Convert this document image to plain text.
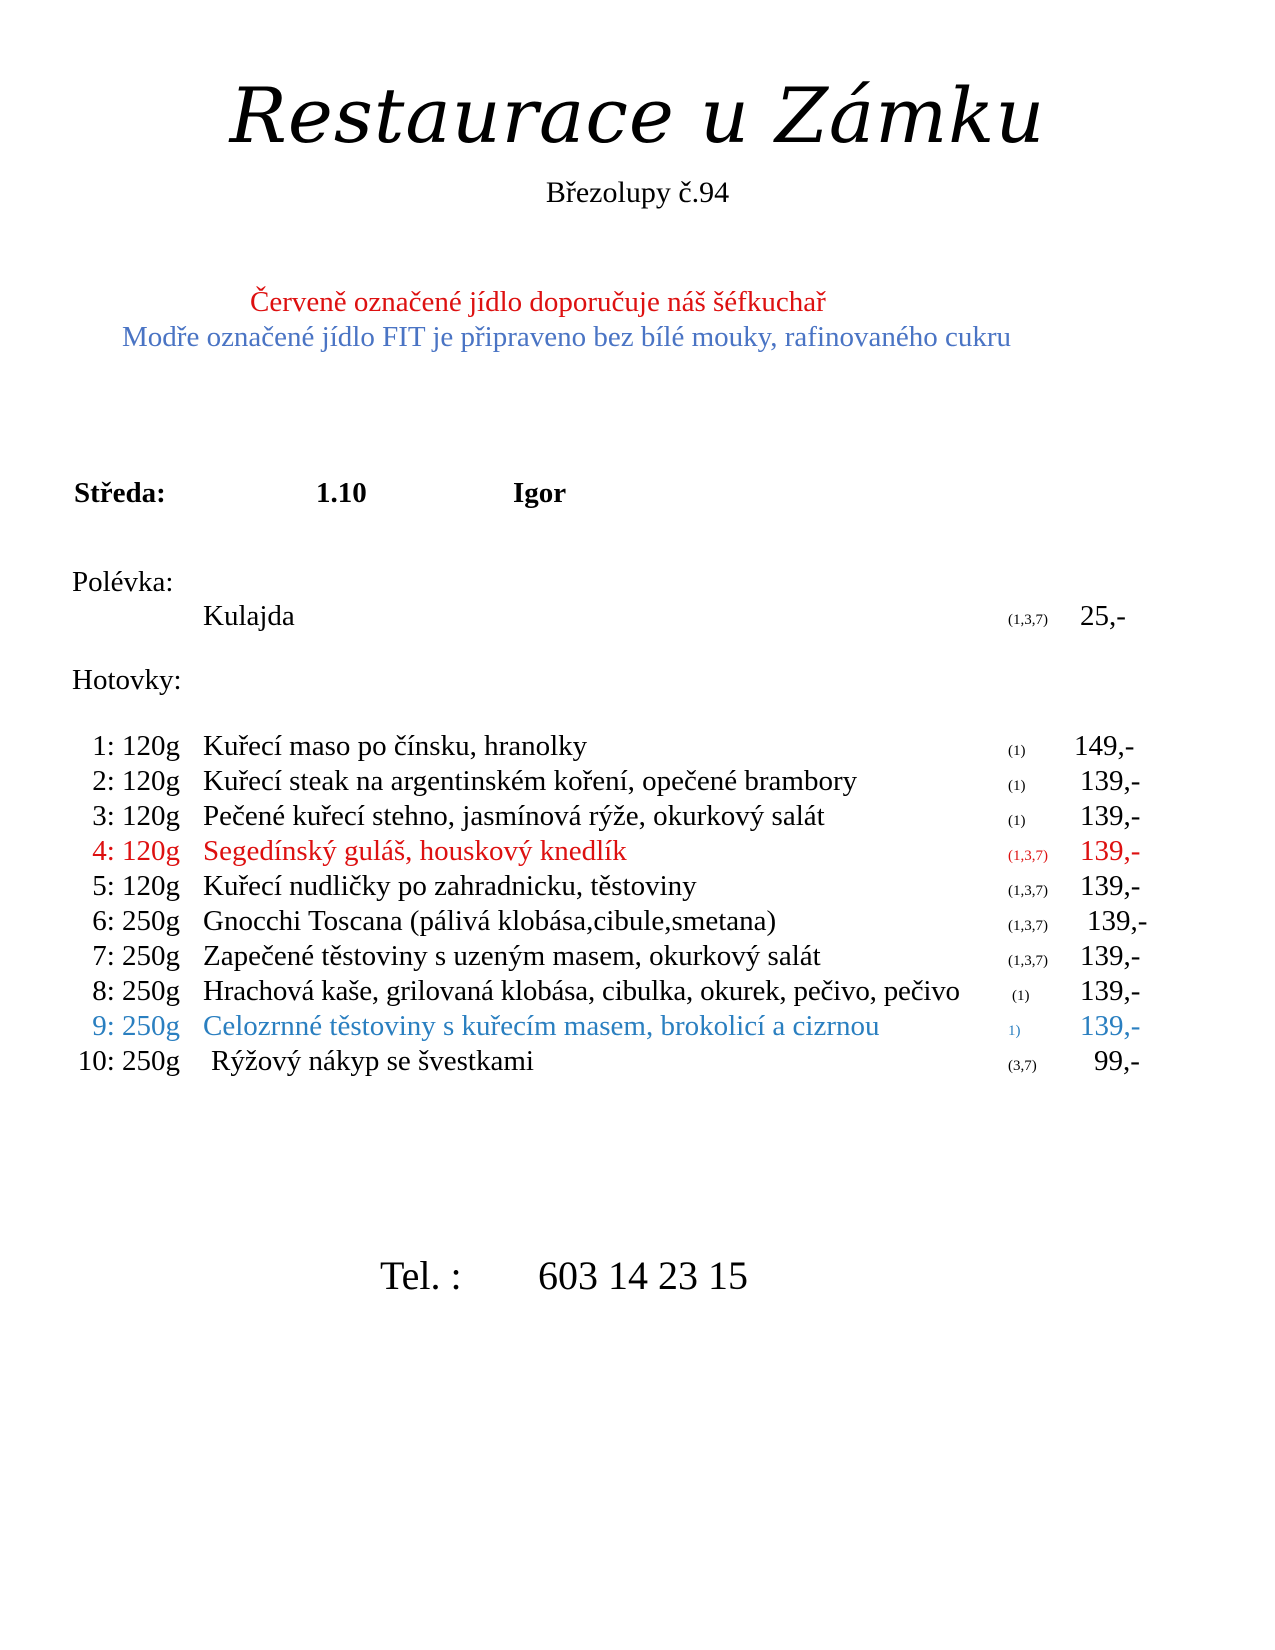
Restaurace u Zámku
Březolupy č.94
Červeně označené jídlo doporučuje náš šéfkuchař
Modře označené jídlo FIT je připraveno bez bílé mouky, rafinovaného cukru
Středa:	1.10	Igor
Polévka:
Kulajda	(1,3,7) 25,-
Hotovky:
1: 120g Kuřecí maso po čínsku, hranolky	(1) 149,-
2: 120g Kuřecí steak na argentinském koření, opečené brambory	(1) 139,-
3: 120g Pečené kuřecí stehno, jasmínová rýže, okurkový salát	(1) 139,-
4: 120g Segedínský guláš, houskový knedlík	(1,3,7) 139,-
5: 120g Kuřecí nudličky po zahradnicku, těstoviny	(1,3,7) 139,-
6: 250g Gnocchi Toscana (pálivá klobása,cibule,smetana)	(1,3,7) 139,-
7: 250g Zapečené těstoviny s uzeným masem, okurkový salát	(1,3,7) 139,-
8: 250g Hrachová kaše, grilovaná klobása, cibulka, okurek, pečivo, pečivo	(1) 139,-
9: 250g Celozrnné těstoviny s kuřecím masem, brokolicí a cizrnou	1) 139,-
10: 250g Rýžový nákyp se švestkami	(3,7) 99,-
Tel. : 603 14 23 15
